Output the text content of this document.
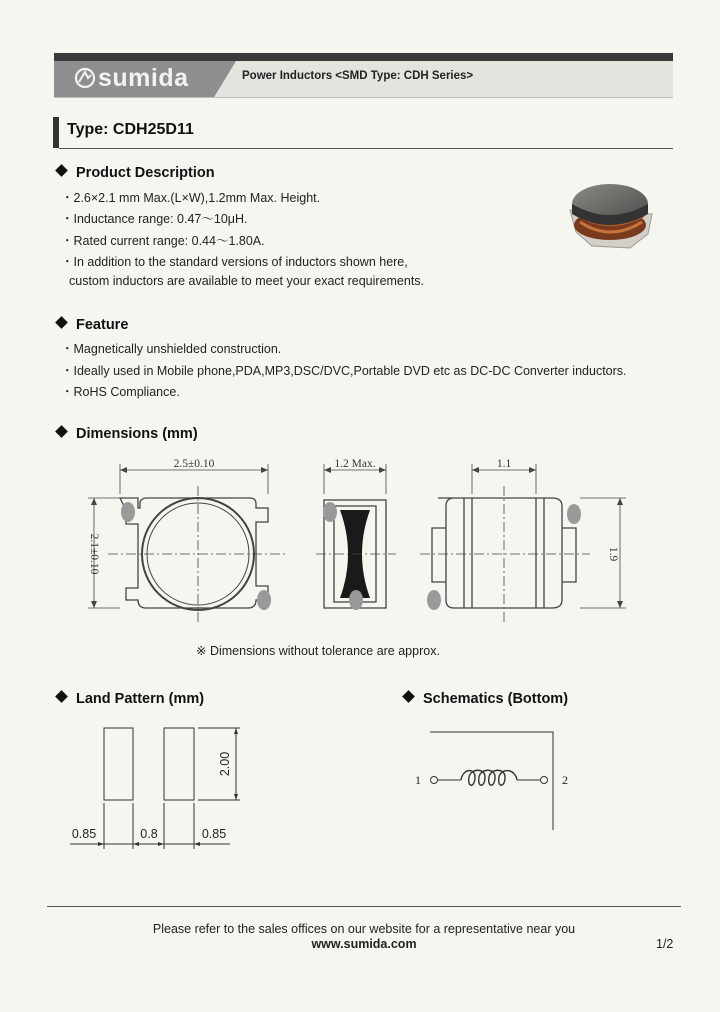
sumida	Power Inductors <SMD Type: CDH Series>
Type: CDH25D11
Product Description
・2.6×2.1 mm Max.(L×W),1.2mm Max. Height.
・Inductance range: 0.47～10μH.
・Rated current range: 0.44～1.80A.
・In addition to the standard versions of inductors shown here,
custom inductors are available to meet your exact requirements.
Feature
・Magnetically unshielded construction.
・Ideally used in Mobile phone,PDA,MP3,DSC/DVC,Portable DVD etc as DC-DC Converter inductors.
・RoHS Compliance.
Dimensions (mm)
2.5±0.10	1.2 Max.	1.1
2.1±0.10	1.9
※ Dimensions without tolerance are approx.
Land Pattern (mm)
0.85	0.8	0.85
2.00
Schematics (Bottom)
1	2
Please refer to the sales offices on our website for a representative near you
www.sumida.com	1/2
